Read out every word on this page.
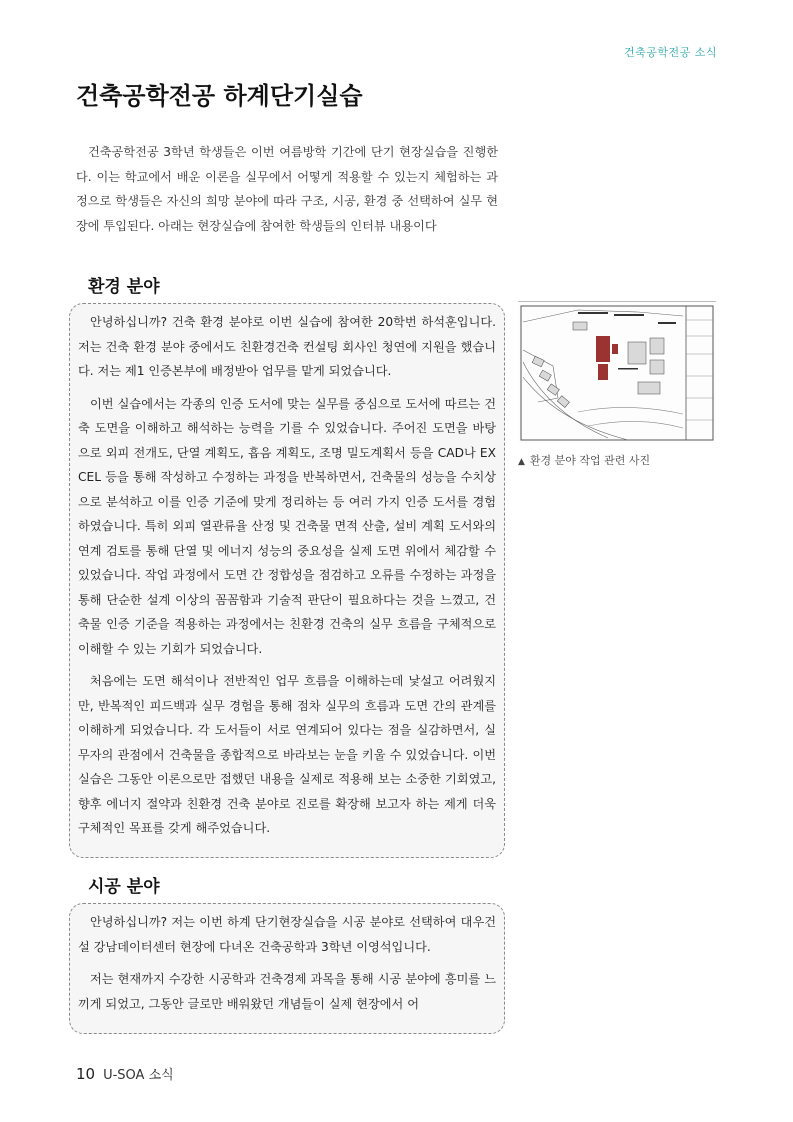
건축공학전공 소식
건축공학전공 하계단기실습

건축공학전공 3학년 학생들은 이번 여름방학 기간에 단기 현장실습을 진행한다. 이는 학교에서 배운 이론을 실무에서 어떻게 적용할 수 있는지 체험하는 과정으로 학생들은 자신의 희망 분야에 따라 구조, 시공, 환경 중 선택하여 실무 현장에 투입된다. 아래는 현장실습에 참여한 학생들의 인터뷰 내용이다

환경 분야

안녕하십니까? 건축 환경 분야로 이번 실습에 참여한 20학번 하석훈입니다. 저는 건축 환경 분야 중에서도 친환경건축 컨설팅 회사인 청연에 지원을 했습니다. 저는 제1 인증본부에 배정받아 업무를 맡게 되었습니다.

이번 실습에서는 각종의 인증 도서에 맞는 실무를 중심으로 도서에 따르는 건축 도면을 이해하고 해석하는 능력을 기를 수 있었습니다. 주어진 도면을 바탕으로 외피 전개도, 단열 계획도, 흡음 계획도, 조명 밀도계획서 등을 CAD나 EXCEL 등을 통해 작성하고 수정하는 과정을 반복하면서, 건축물의 성능을 수치상으로 분석하고 이를 인증 기준에 맞게 정리하는 등 여러 가지 인증 도서를 경험하였습니다. 특히 외피 열관류율 산정 및 건축물 면적 산출, 설비 계획 도서와의 연계 검토를 통해 단열 및 에너지 성능의 중요성을 실제 도면 위에서 체감할 수 있었습니다. 작업 과정에서 도면 간 정합성을 점검하고 오류를 수정하는 과정을 통해 단순한 설계 이상의 꼼꼼함과 기술적 판단이 필요하다는 것을 느꼈고, 건축물 인증 기준을 적용하는 과정에서는 친환경 건축의 실무 흐름을 구체적으로 이해할 수 있는 기회가 되었습니다.

처음에는 도면 해석이나 전반적인 업무 흐름을 이해하는데 낯설고 어려웠지만, 반복적인 피드백과 실무 경험을 통해 점차 실무의 흐름과 도면 간의 관계를 이해하게 되었습니다. 각 도서들이 서로 연계되어 있다는 점을 실감하면서, 실무자의 관점에서 건축물을 종합적으로 바라보는 눈을 키울 수 있었습니다. 이번 실습은 그동안 이론으로만 접했던 내용을 실제로 적용해 보는 소중한 기회였고, 향후 에너지 절약과 친환경 건축 분야로 진로를 확장해 보고자 하는 제게 더욱 구체적인 목표를 갖게 해주었습니다.

▲ 환경 분야 작업 관련 사진
시공 분야

안녕하십니까? 저는 이번 하계 단기현장실습을 시공 분야로 선택하여 대우건설 강남데이터센터 현장에 다녀온 건축공학과 3학년 이영석입니다.

저는 현재까지 수강한 시공학과 건축경제 과목을 통해 시공 분야에 흥미를 느끼게 되었고, 그동안 글로만 배워왔던 개념들이 실제 현장에서 어

10 U-SOA 소식
